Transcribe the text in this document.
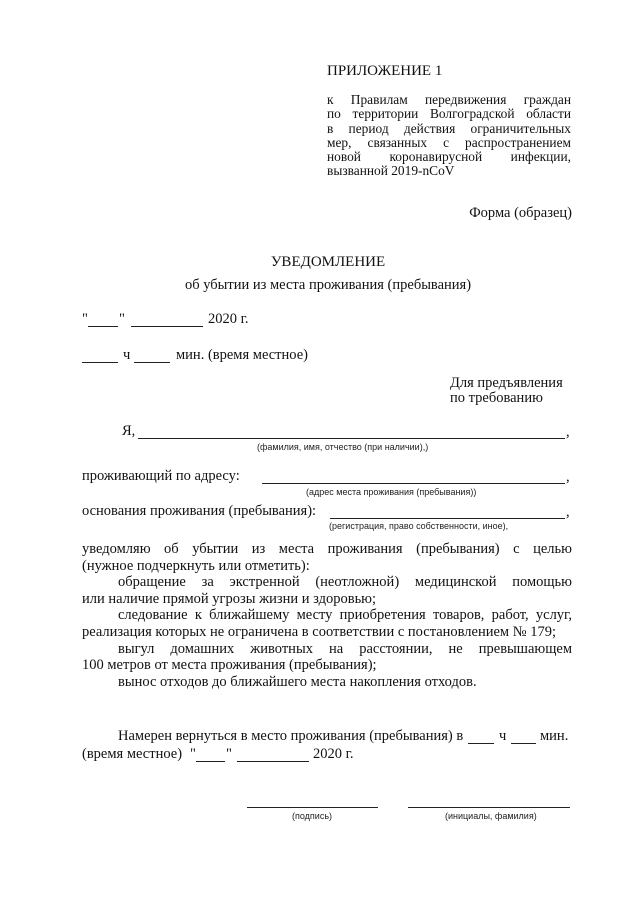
ПРИЛОЖЕНИЕ 1
к Правилам передвижения граждан
по территории Волгоградской области
в период действия ограничительных
мер, связанных с распространением
новой коронавирусной инфекции,
вызванной 2019-nCoV
Форма (образец)
УВЕДОМЛЕНИЕ
об убытии из места проживания (пребывания)
" "	2020 г.
ч	мин. (время местное)
Для предъявления
по требованию
Я,	,
(фамилия, имя, отчество (при наличии),)
проживающий по адресу:	,
(адрес места проживания (пребывания))
основания проживания (пребывания):	,
(регистрация, право собственности, иное),
уведомляю об убытии из места проживания (пребывания) с целью
(нужное подчеркнуть или отметить):
обращение за экстренной (неотложной) медицинской помощью
или наличие прямой угрозы жизни и здоровью;
следование к ближайшему месту приобретения товаров, работ, услуг,
реализация которых не ограничена в соответствии с постановлением № 179;
выгул домашних животных на расстоянии, не превышающем
100 метров от места проживания (пребывания);
вынос отходов до ближайшего места накопления отходов.
Намерен вернуться в место проживания (пребывания) в ч мин.
(время местное) " "	2020 г.
(подпись)	(инициалы, фамилия)
